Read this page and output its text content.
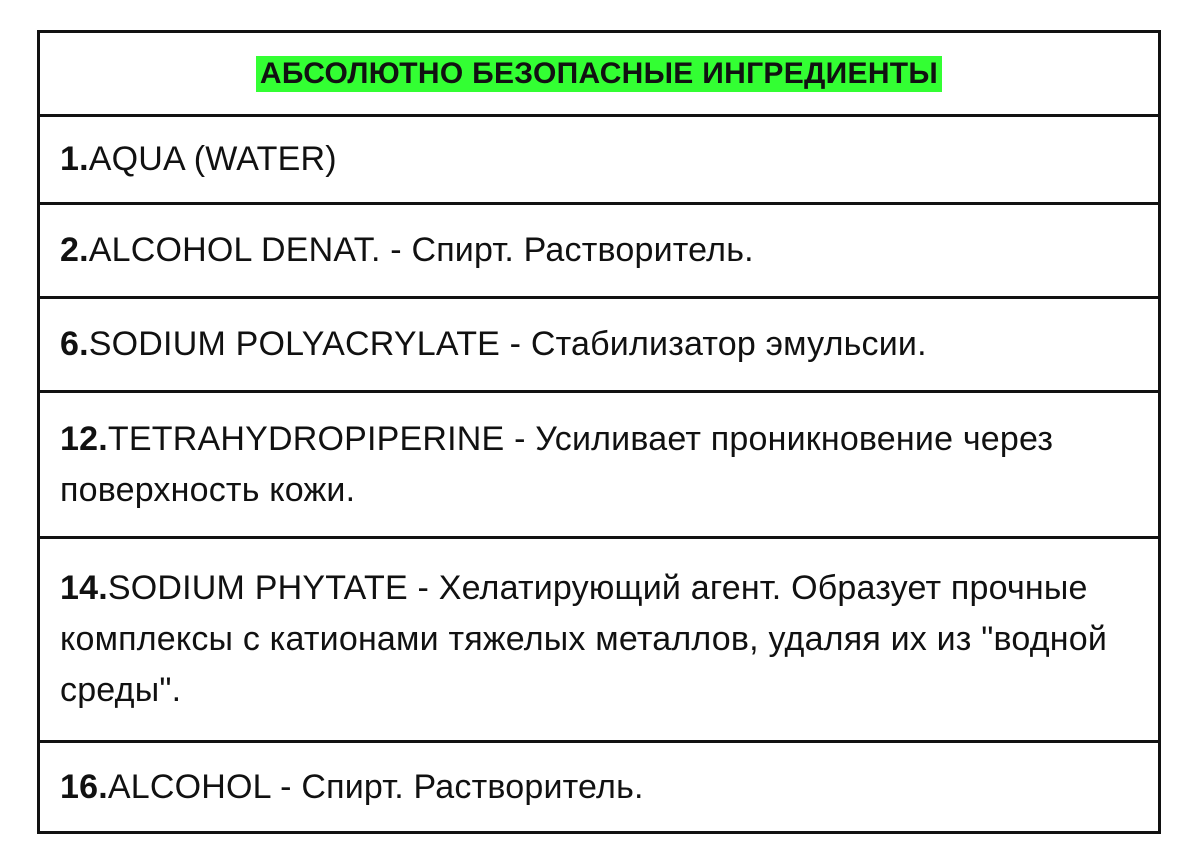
АБСОЛЮТНО БЕЗОПАСНЫЕ ИНГРЕДИЕНТЫ
1.AQUA (WATER)
2.ALCOHOL DENAT. - Спирт. Растворитель.
6.SODIUM POLYACRYLATE - Стабилизатор эмульсии.
12.TETRAHYDROPIPERINE - Усиливает проникновение через поверхность кожи.
14.SODIUM PHYTATE - Хелатирующий агент. Образует прочные комплексы с катионами тяжелых металлов, удаляя их из "водной среды".
16.ALCOHOL - Спирт. Растворитель.
